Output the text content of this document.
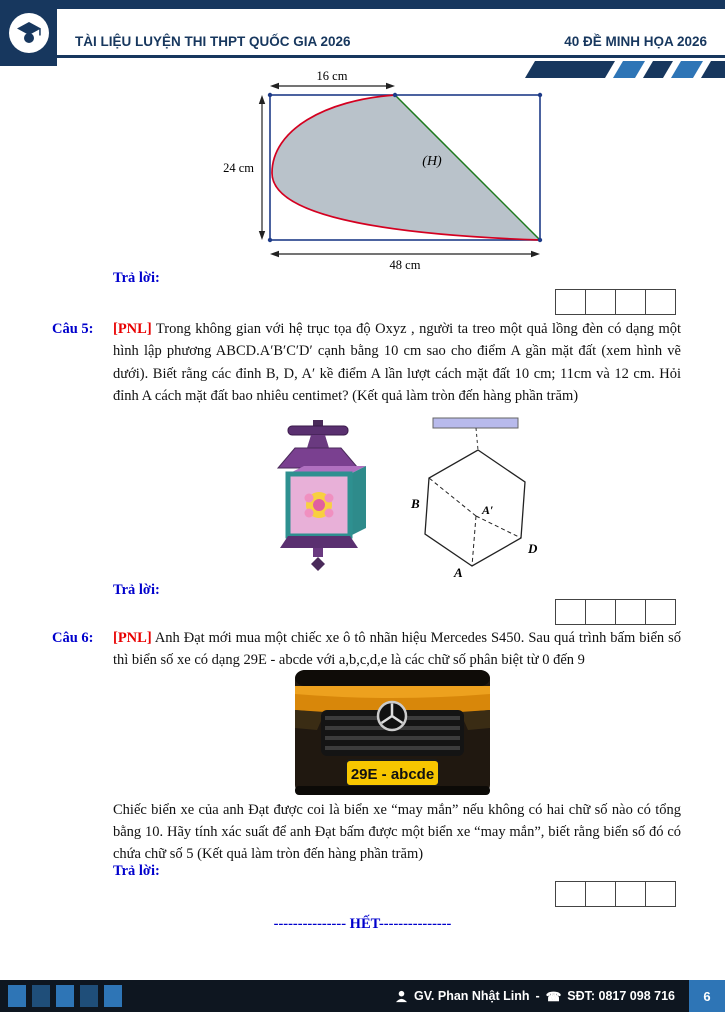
TÀI LIỆU LUYỆN THI THPT QUỐC GIA 2026	40 ĐỀ MINH HỌA 2026
16 cm
24 cm
48 cm
(H)
Trả lời:
Câu 5:	[PNL] Trong không gian với hệ trục tọa độ Oxyz , người ta treo một quả lồng đèn có dạng một hình lập phương ABCD.A′B′C′D′ cạnh bằng 10 cm sao cho điểm A gần mặt đất (xem hình vẽ dưới). Biết rằng các đỉnh B, D, A′ kề điểm A lần lượt cách mặt đất 10 cm; 11cm và 12 cm. Hỏi đỉnh A cách mặt đất bao nhiêu centimet? (Kết quả làm tròn đến hàng phần trăm)
B	A′
D
A
Trả lời:
Câu 6:	[PNL] Anh Đạt mới mua một chiếc xe ô tô nhãn hiệu Mercedes S450. Sau quá trình bấm biển số thì biển số xe có dạng 29E - abcde với a,b,c,d,e là các chữ số phân biệt từ 0 đến 9
29E - abcde
Chiếc biển xe của anh Đạt được coi là biển xe “may mắn” nếu không có hai chữ số nào có tổng bằng 10. Hãy tính xác suất để anh Đạt bấm được một biển xe “may mắn”, biết rằng biển số đó có chứa chữ số 5 (Kết quả làm tròn đến hàng phần trăm)
Trả lời:
--------------- HẾT---------------
GV. Phan Nhật Linh - ☎ SĐT: 0817 098 716	6
